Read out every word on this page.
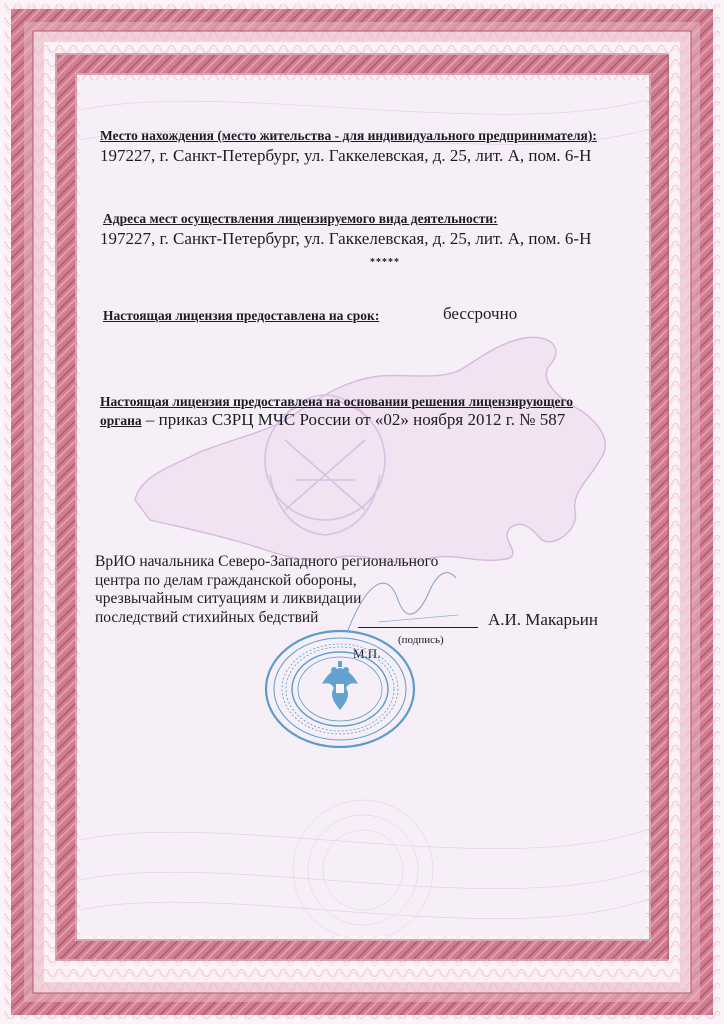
Место нахождения (место жительства - для индивидуального предпринимателя):
197227, г. Санкт-Петербург, ул. Гаккелевская, д. 25, лит. А, пом. 6-Н
Адреса мест осуществления лицензируемого вида деятельности:
197227, г. Санкт-Петербург, ул. Гаккелевская, д. 25, лит. А, пом. 6-Н
*****
Настоящая лицензия предоставлена на срок:	бессрочно
Настоящая лицензия предоставлена на основании решения лицензирующего
органа – приказ СЗРЦ МЧС России от «02» ноября 2012 г. № 587
ВрИО начальника Северо-Западного регионального
центра по делам гражданской обороны,
чрезвычайным ситуациям и ликвидации
последствий стихийных бедствий	А.И. Макарьин
(подпись)
М.П.
